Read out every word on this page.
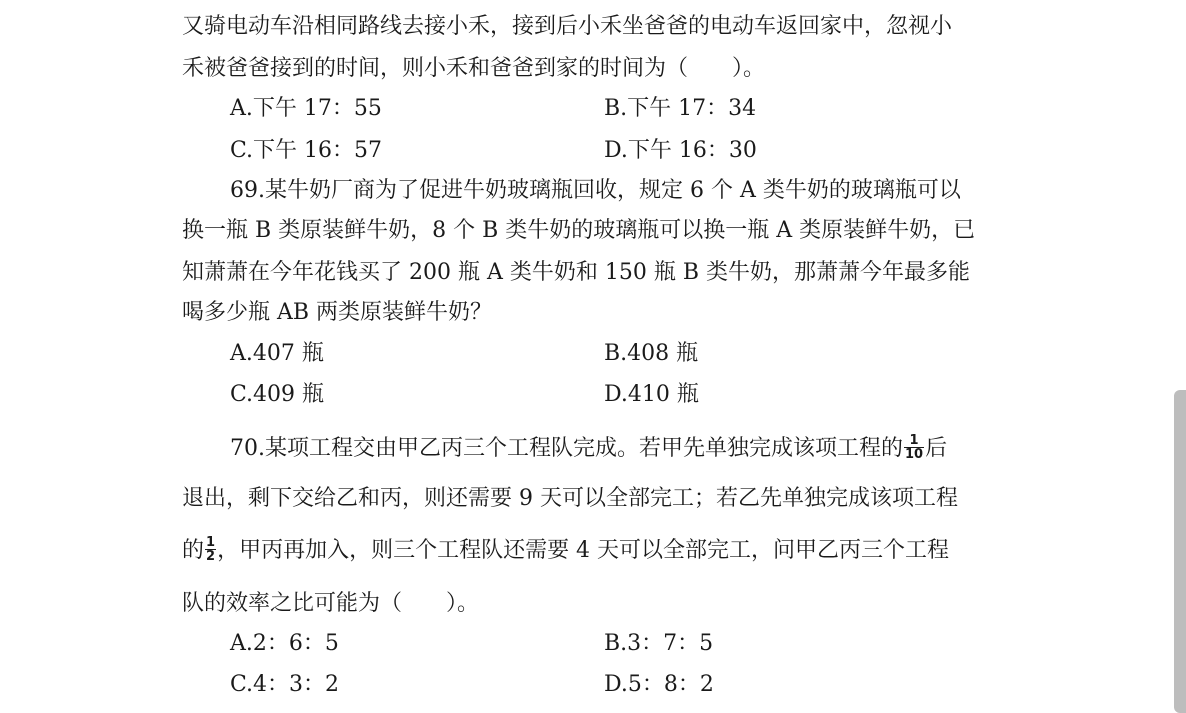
又骑电动车沿相同路线去接小禾，接到后小禾坐爸爸的电动车返回家中，忽视小
禾被爸爸接到的时间，则小禾和爸爸到家的时间为（　　）。
A.下午 17：55	B.下午 17：34
C.下午 16：57	D.下午 16：30
69.某牛奶厂商为了促进牛奶玻璃瓶回收，规定 6 个 A 类牛奶的玻璃瓶可以
换一瓶 B 类原装鲜牛奶，8 个 B 类牛奶的玻璃瓶可以换一瓶 A 类原装鲜牛奶，已
知萧萧在今年花钱买了 200 瓶 A 类牛奶和 150 瓶 B 类牛奶，那萧萧今年最多能
喝多少瓶 AB 两类原装鲜牛奶？
A.407 瓶	B.408 瓶
C.409 瓶	D.410 瓶
70.某项工程交由甲乙丙三个工程队完成。若甲先单独完成该项工程的 $\frac{1}{10}$ 后
退出，剩下交给乙和丙，则还需要 9 天可以全部完工；若乙先单独完成该项工程
的 $\frac{1}{2}$ ，甲丙再加入，则三个工程队还需要 4 天可以全部完工，问甲乙丙三个工程
队的效率之比可能为（　　）。
A.2：6：5	B.3：7：5
C.4：3：2	D.5：8：2
